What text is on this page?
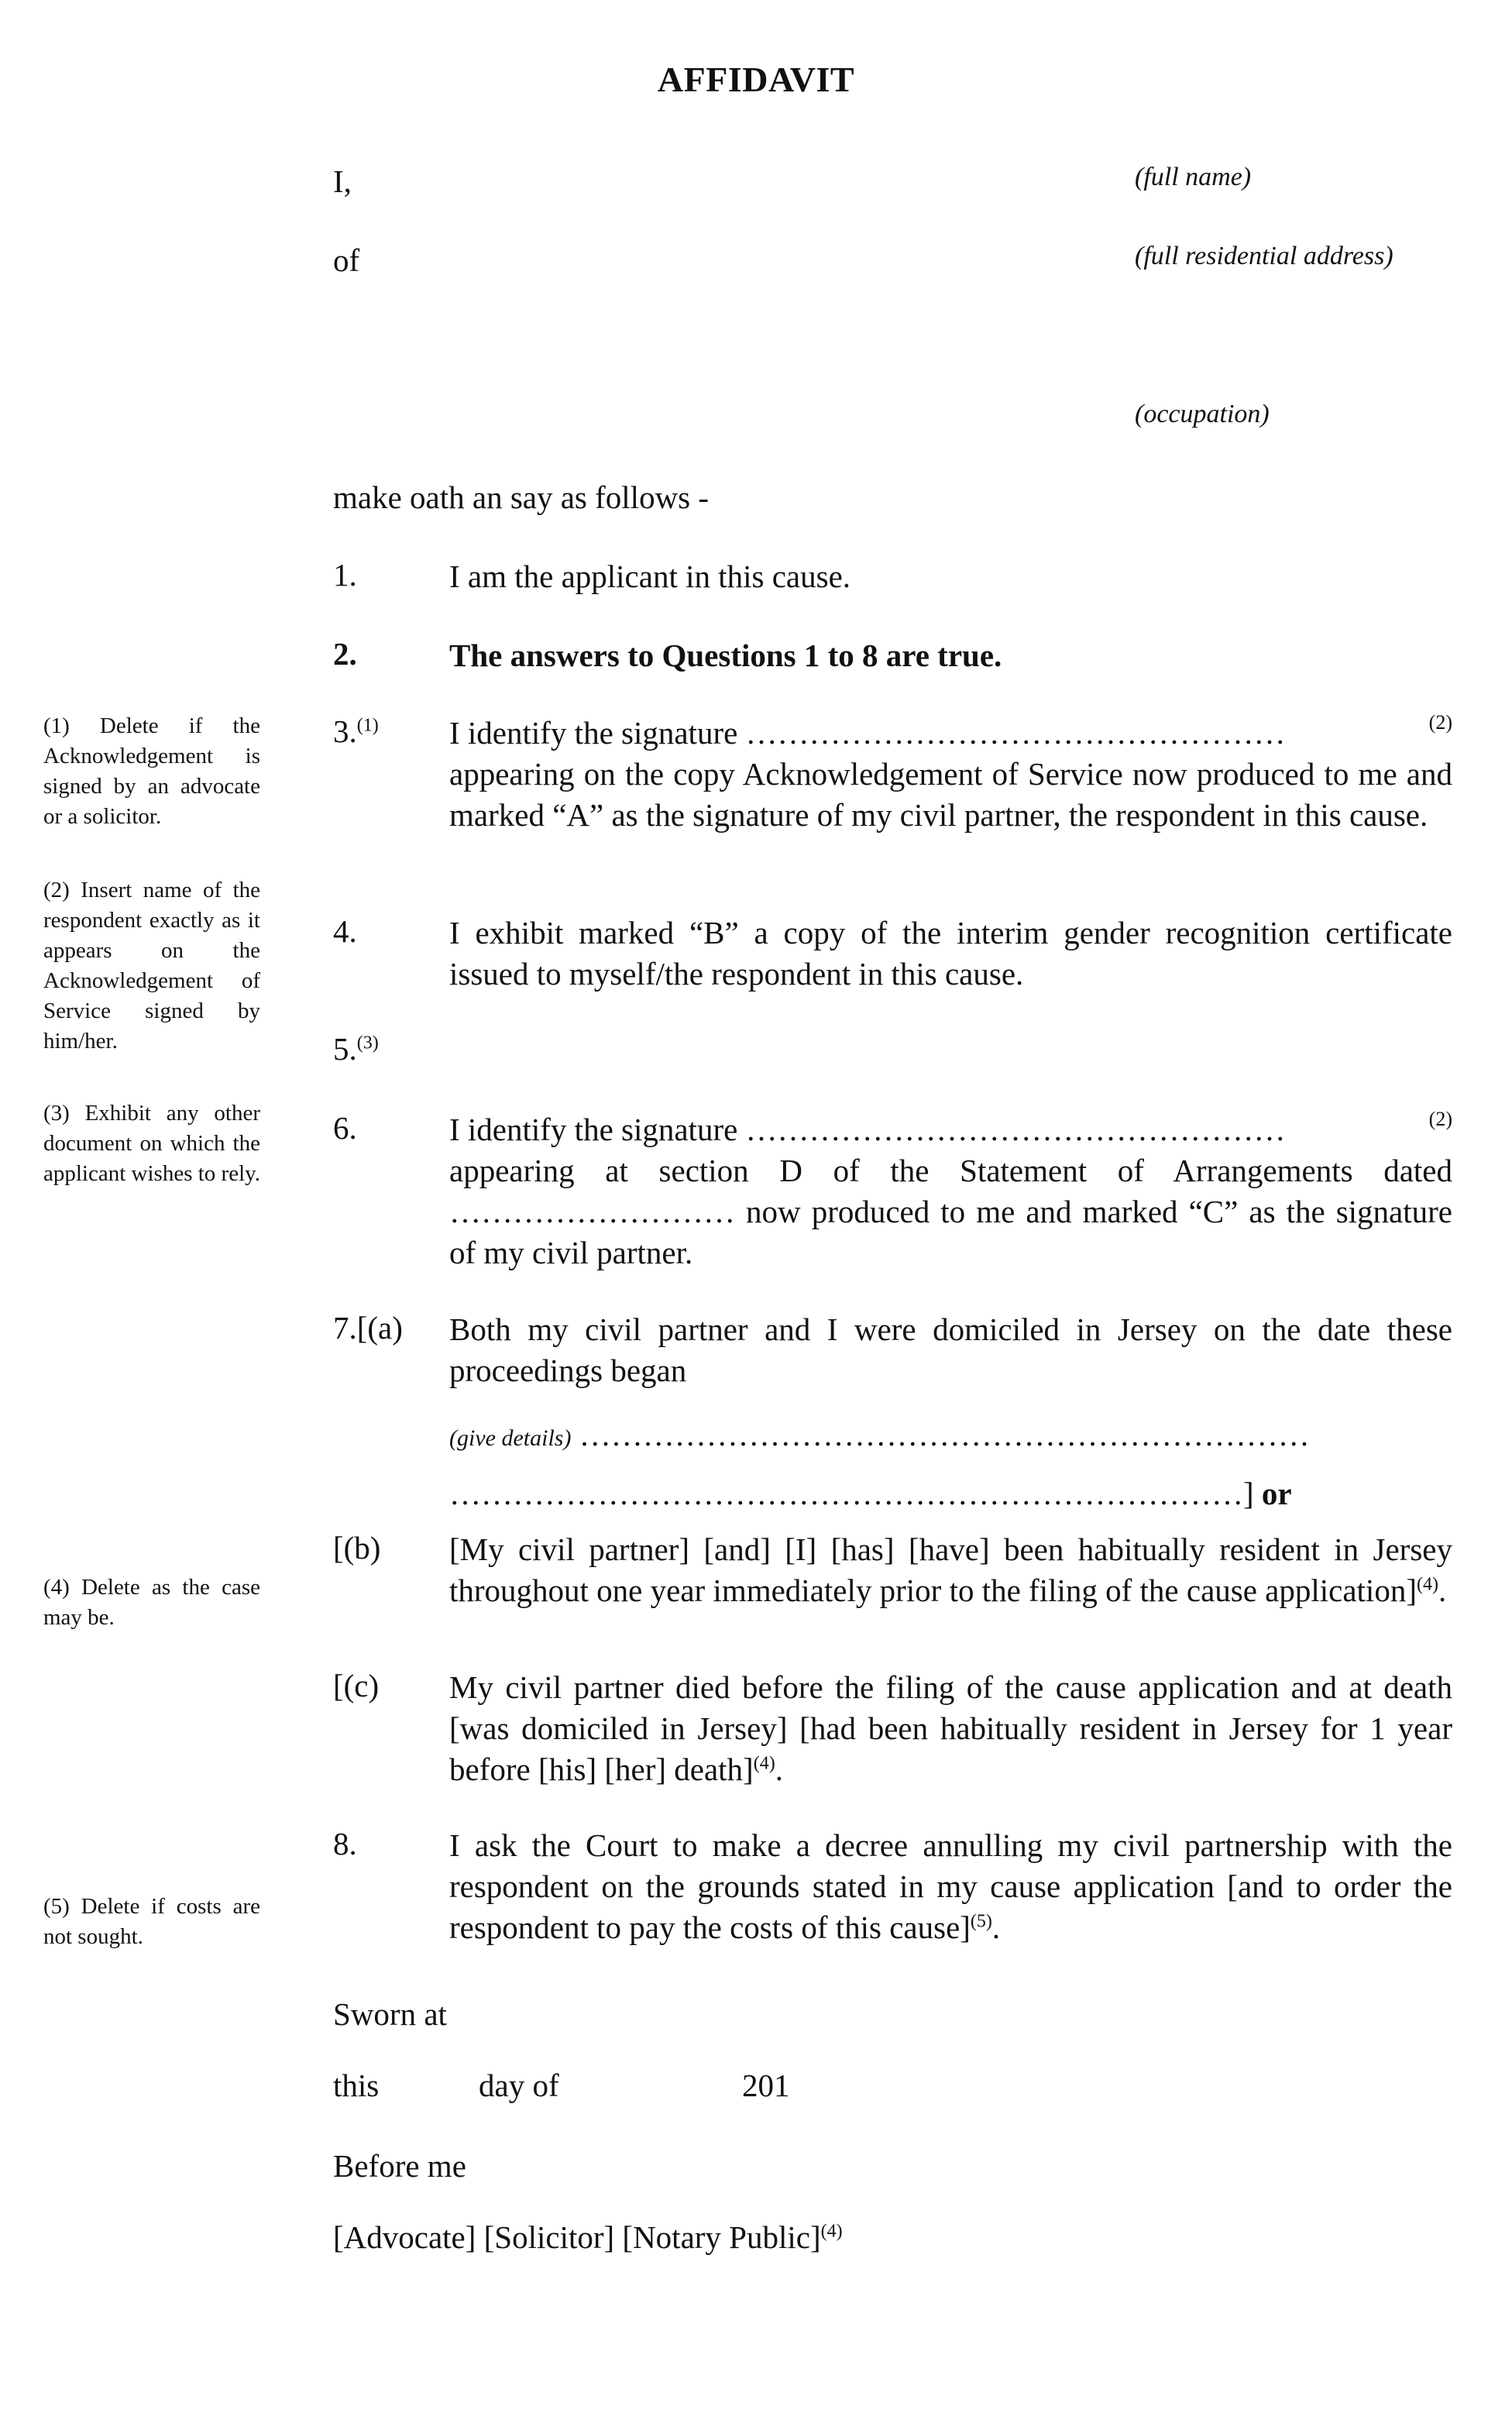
AFFIDAVIT
I,	(full name)
of	(full residential address)
(occupation)
make oath an say as follows -
(1) Delete if the Acknowledgement is signed by an advocate or a solicitor.
(2) Insert name of the respondent exactly as it appears on the Acknowledgement of Service signed by him/her.
(3) Exhibit any other document on which the applicant wishes to rely.
(4) Delete as the case may be.
(5) Delete if costs are not sought.
1.	I am the applicant in this cause.
2.	The answers to Questions 1 to 8 are true.
3.$^{(1)}$ I identify the signature ……………………………………………	(2)
appearing on the copy Acknowledgement of Service now produced to me and marked “A” as the signature of my civil partner, the respondent in this cause.
4.	I exhibit marked “B” a copy of the interim gender recognition certificate issued to myself/the respondent in this cause.
5.$^{(3)}$
6.	I identify the signature ……………………………………………	(2)
appearing at section D of the Statement of Arrangements dated ……………………… now produced to me and marked “C” as the signature of my civil partner.
7.[(a) Both my civil partner and I were domiciled in Jersey on the date these proceedings began
(give details) ……………………………………………………………
…………………………………………………………………] or
[(b) [My civil partner] [and] [I] [has] [have] been habitually resident in Jersey throughout one year immediately prior to the filing of the cause application]$^{(4)}$.
[(c) My civil partner died before the filing of the cause application and at death [was domiciled in Jersey] [had been habitually resident in Jersey for 1 year before [his] [her] death]$^{(4)}$.
8.	I ask the Court to make a decree annulling my civil partnership with the respondent on the grounds stated in my cause application [and to order the respondent to pay the costs of this cause]$^{(5)}$.
Sworn at
this	day of	201
Before me
[Advocate] [Solicitor] [Notary Public]$^{(4)}$
